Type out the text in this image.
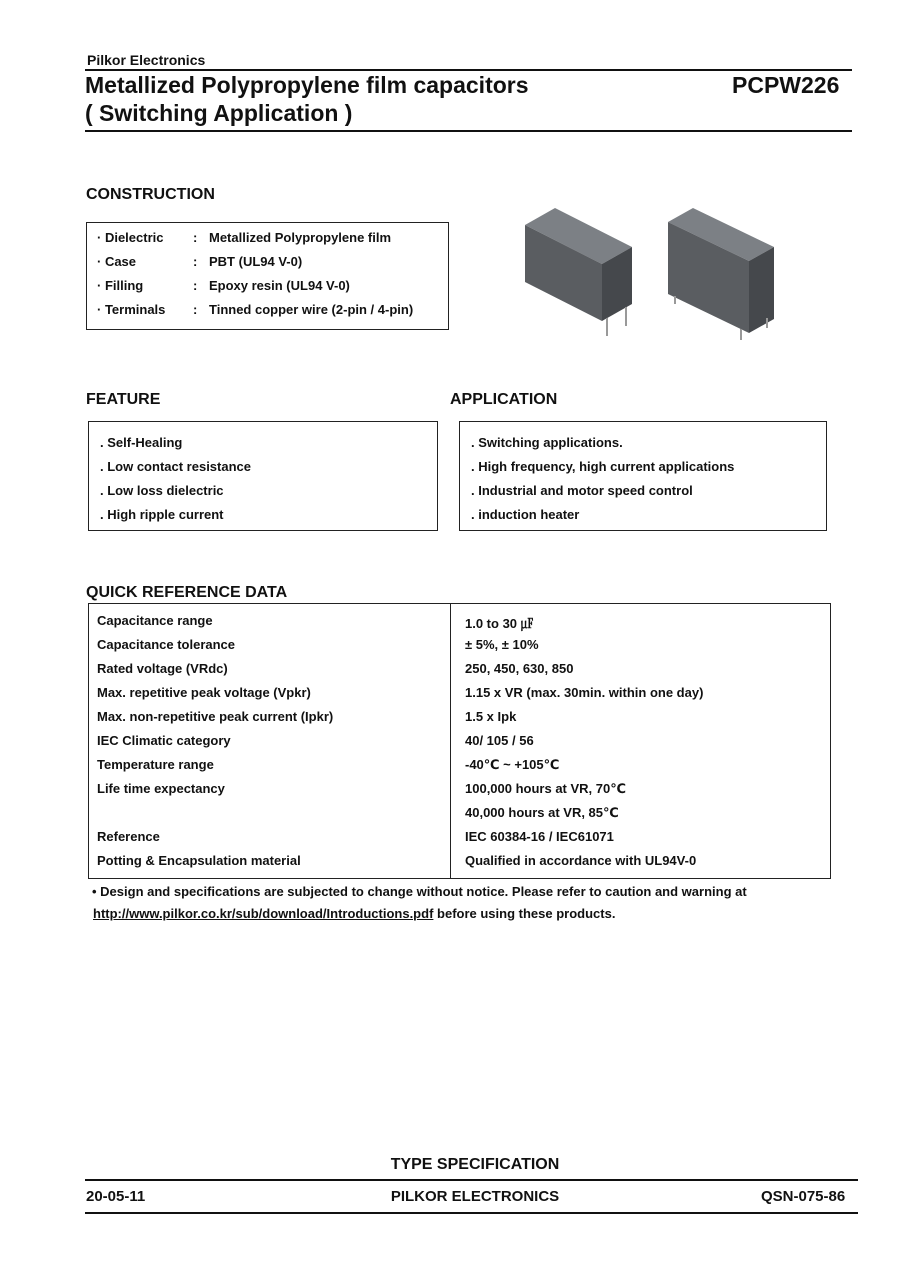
Pilkor Electronics
Metallized Polypropylene film capacitors
( Switching Application )
PCPW226
CONSTRUCTION
· Dielectric : Metallized Polypropylene film
· Case	: PBT (UL94 V-0)
· Filling	: Epoxy resin (UL94 V-0)
· Terminals : Tinned copper wire (2-pin / 4-pin)
FEATURE	APPLICATION
. Self-Healing
. Low contact resistance
. Low loss dielectric
. High ripple current
. Switching applications.
. High frequency, high current applications
. Industrial and motor speed control
. induction heater
QUICK REFERENCE DATA
Capacitance range	1.0 to 30 ㎌
Capacitance tolerance	± 5%, ± 10%
Rated voltage (VRdc)	250, 450, 630, 850
Max. repetitive peak voltage (Vpkr)	1.15 x VR (max. 30min. within one day)
Max. non-repetitive peak current (Ipkr)	1.5 x Ipk
IEC Climatic category	40/ 105 / 56
Temperature range	-40℃ ~ +105℃
Life time expectancy	100,000 hours at VR, 70℃
40,000 hours at VR, 85℃
Reference	IEC 60384-16 / IEC61071
Potting & Encapsulation material	Qualified in accordance with UL94V-0
• Design and specifications are subjected to change without notice. Please refer to caution and warning at
http://www.pilkor.co.kr/sub/download/Introductions.pdf before using these products.
TYPE SPECIFICATION
20-05-11	PILKOR ELECTRONICS	QSN-075-86
